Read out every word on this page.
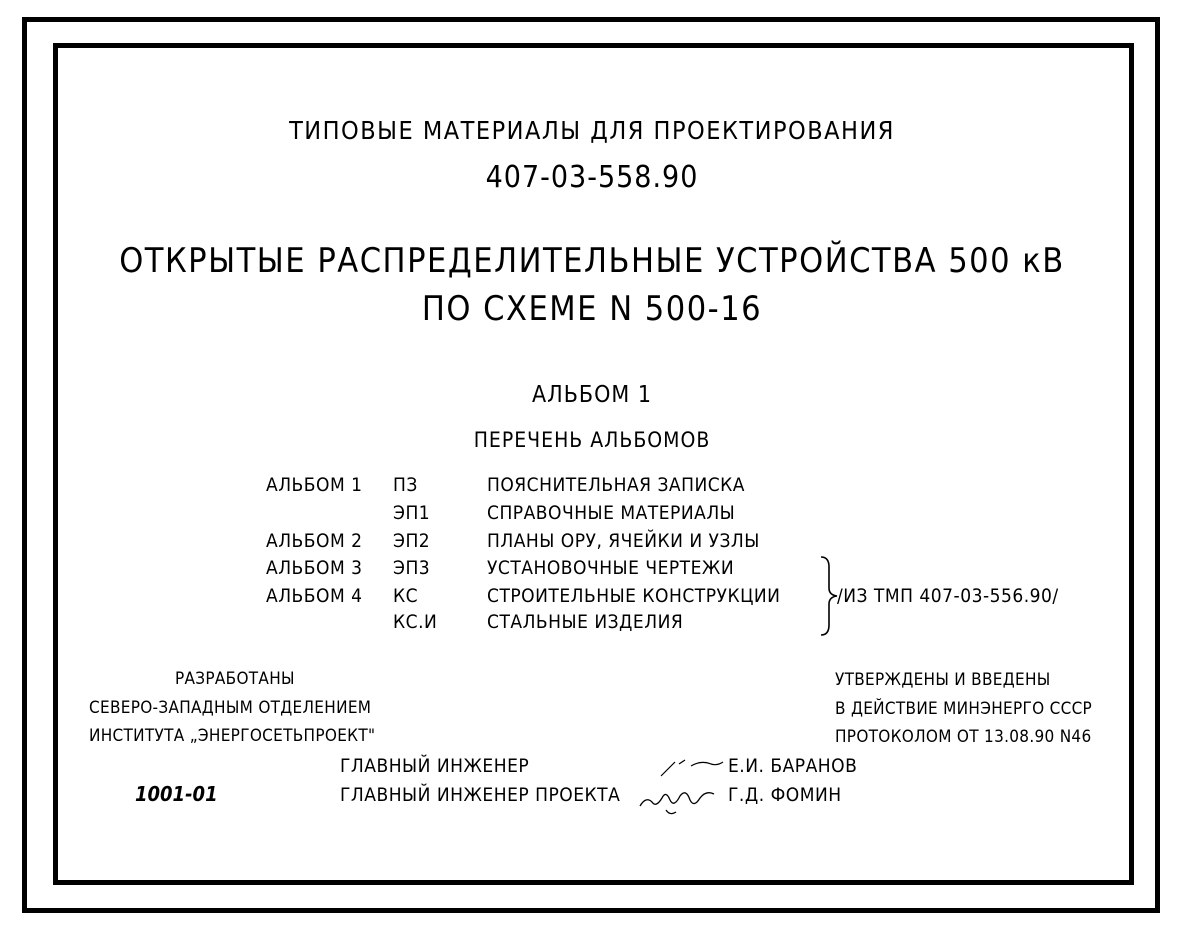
ТИПОВЫЕ МАТЕРИАЛЫ ДЛЯ ПРОЕКТИРОВАНИЯ
407-03-558.90
ОТКРЫТЫЕ РАСПРЕДЕЛИТЕЛЬНЫЕ УСТРОЙСТВА 500 кВ
ПО СХЕМЕ N 500-16
АЛЬБОМ 1
ПЕРЕЧЕНЬ АЛЬБОМОВ
АЛЬБОМ 1 ПЗ	ПОЯСНИТЕЛЬНАЯ ЗАПИСКА
ЭП1	СПРАВОЧНЫЕ МАТЕРИАЛЫ
АЛЬБОМ 2 ЭП2	ПЛАНЫ ОРУ, ЯЧЕЙКИ И УЗЛЫ
АЛЬБОМ 3 ЭП3	УСТАНОВОЧНЫЕ ЧЕРТЕЖИ
АЛЬБОМ 4 КС	СТРОИТЕЛЬНЫЕ КОНСТРУКЦИИ
КС.И	СТАЛЬНЫЕ ИЗДЕЛИЯ
/ИЗ ТМП 407-03-556.90/
РАЗРАБОТАНЫ
СЕВЕРО-ЗАПАДНЫМ ОТДЕЛЕНИЕМ
ИНСТИТУТА „ЭНЕРГОСЕТЬПРОЕКТ"
УТВЕРЖДЕНЫ И ВВЕДЕНЫ
В ДЕЙСТВИЕ МИНЭНЕРГО СССР
ПРОТОКОЛОМ ОТ 13.08.90 N46
ГЛАВНЫЙ ИНЖЕНЕР	Е.И. БАРАНОВ
ГЛАВНЫЙ ИНЖЕНЕР ПРОЕКТА	Г.Д. ФОМИН
1001-01
